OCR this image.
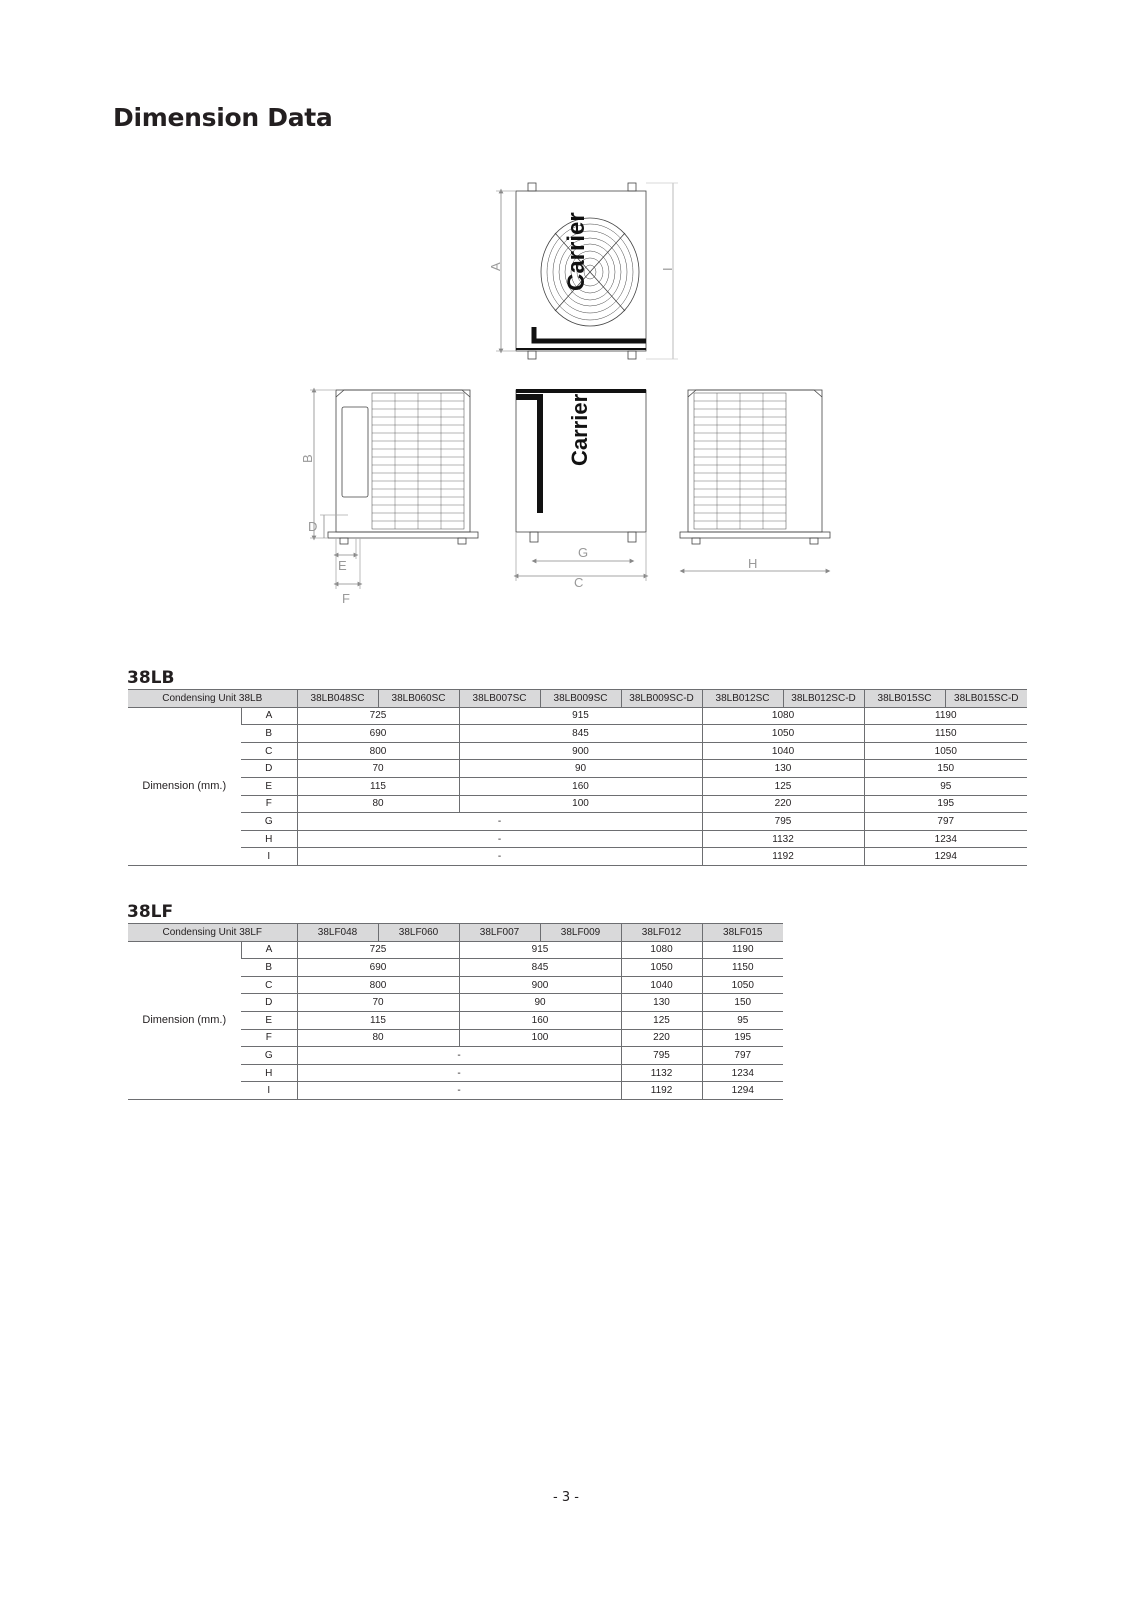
Dimension Data
Carrier
Carrier
A	I
B
D
E
F
G
C
H
38LB
Condensing Unit 38LB		38LB048SC	38LB060SC	38LB007SC	38LB009SC	38LB009SC-D	38LB012SC	38LB012SC-D	38LB015SC	38LB015SC-D
Dimension (mm.)	A	725		915			1080		1190	
	B	690		845			1050		1150	
	C	800		900			1040		1050	
	D	70		90			130		150	
	E	115		160			125		95	
	F	80		100			220		195	
	G	-					795		797	
	H	-					1132		1234	
	I	-					1192		1294	
38LF
Condensing Unit 38LF		38LF048	38LF060	38LF007	38LF009	38LF012	38LF015
Dimension (mm.)	A	725		915		1080	1190
	B	690		845		1050	1150
	C	800		900		1040	1050
	D	70		90		130	150
	E	115		160		125	95
	F	80		100		220	195
	G	-				795	797
	H	-				1132	1234
	I	-				1192	1294
- 3 -
